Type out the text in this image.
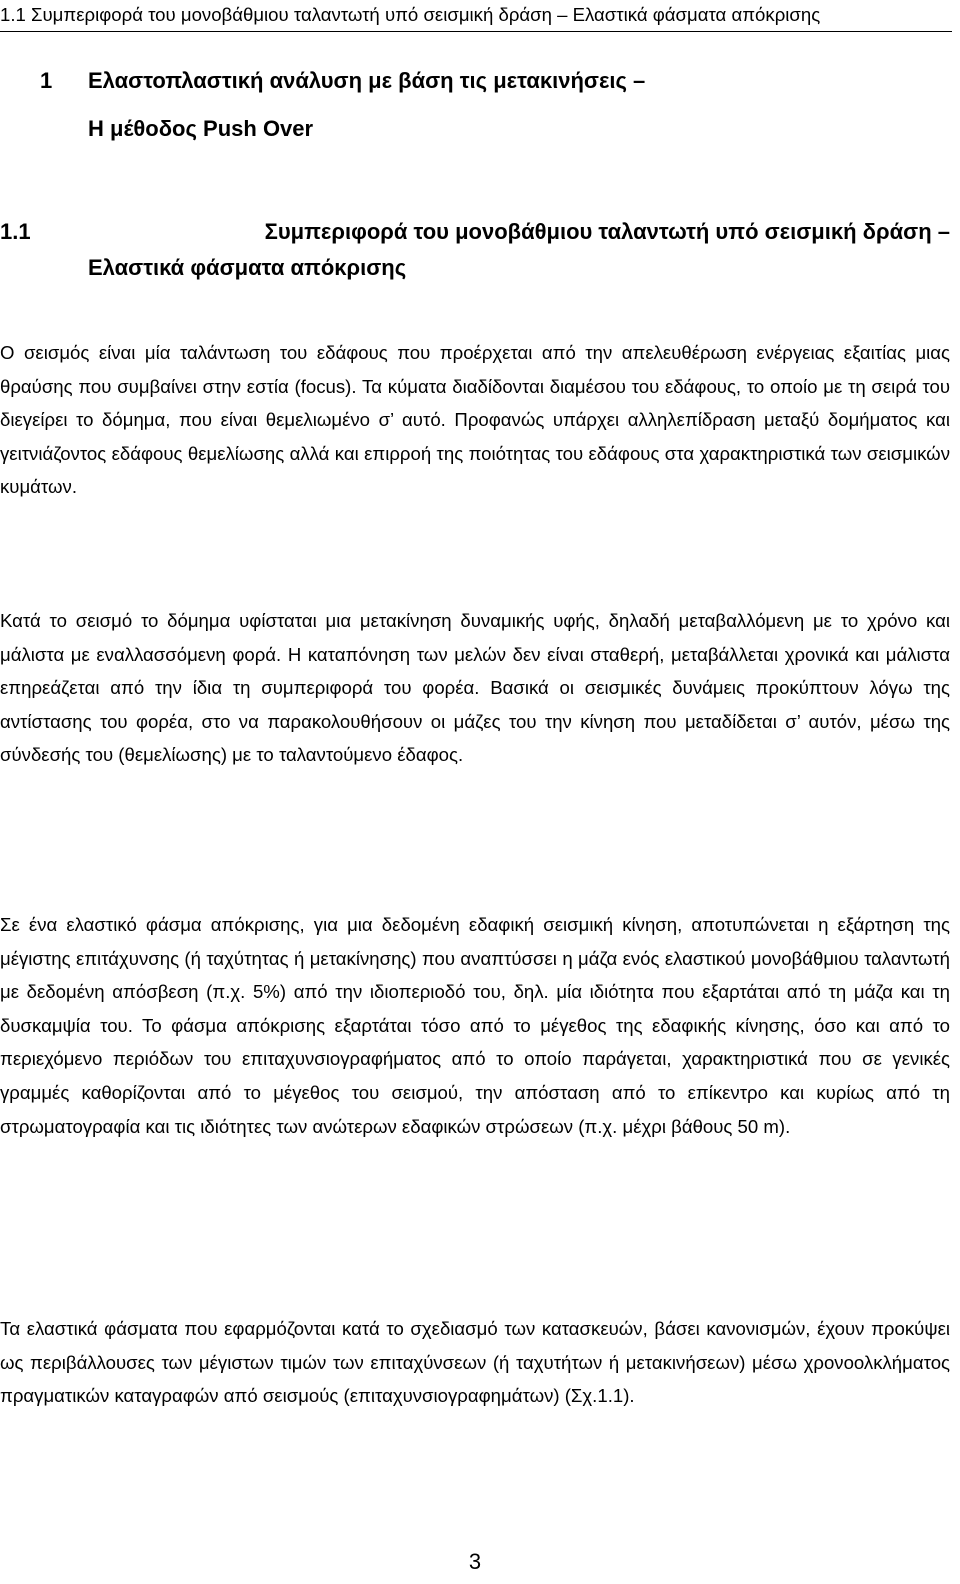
1.1 Συμπεριφορά του μονοβάθμιου ταλαντωτή υπό σεισμική δράση – Ελαστικά φάσματα απόκρισης
1 Ελαστοπλαστική ανάλυση με βάση τις μετακινήσεις –
Η μέθοδος Push Over
1.1	Συμπεριφορά του μονοβάθμιου ταλαντωτή υπό σεισμική δράση –
Ελαστικά φάσματα απόκρισης
Ο σεισμός είναι μία ταλάντωση του εδάφους που προέρχεται από την απελευθέρωση ενέργειας εξαιτίας μιας θραύσης που συμβαίνει στην εστία (focus). Τα κύματα διαδίδονται διαμέσου του εδάφους, το οποίο με τη σειρά του διεγείρει το δόμημα, που είναι θεμελιωμένο σ’ αυτό. Προφανώς υπάρχει αλληλεπίδραση μεταξύ δομήματος και γειτνιάζοντος εδάφους θεμελίωσης αλλά και επιρροή της ποιότητας του εδάφους στα χαρακτηριστικά των σεισμικών κυμάτων.
Κατά το σεισμό το δόμημα υφίσταται μια μετακίνηση δυναμικής υφής, δηλαδή μεταβαλλόμενη με το χρόνο και μάλιστα με εναλλασσόμενη φορά. Η καταπόνηση των μελών δεν είναι σταθερή, μεταβάλλεται χρονικά και μάλιστα επηρεάζεται από την ίδια τη συμπεριφορά του φορέα. Βασικά οι σεισμικές δυνάμεις προκύπτουν λόγω της αντίστασης του φορέα, στο να παρακολουθήσουν οι μάζες του την κίνηση που μεταδίδεται σ’ αυτόν, μέσω της σύνδεσής του (θεμελίωσης) με το ταλαντούμενο έδαφος.
Σε ένα ελαστικό φάσμα απόκρισης, για μια δεδομένη εδαφική σεισμική κίνηση, αποτυπώνεται η εξάρτηση της μέγιστης επιτάχυνσης (ή ταχύτητας ή μετακίνησης) που αναπτύσσει η μάζα ενός ελαστικού μονοβάθμιου ταλαντωτή με δεδομένη απόσβεση (π.χ. 5%) από την ιδιοπεριοδό του, δηλ. μία ιδιότητα που εξαρτάται από τη μάζα και τη δυσκαμψία του. Το φάσμα απόκρισης εξαρτάται τόσο από το μέγεθος της εδαφικής κίνησης, όσο και από το περιεχόμενο περιόδων του επιταχυνσιογραφήματος από το οποίο παράγεται, χαρακτηριστικά που σε γενικές γραμμές καθορίζονται από το μέγεθος του σεισμού, την απόσταση από το επίκεντρο και κυρίως από τη στρωματογραφία και τις ιδιότητες των ανώτερων εδαφικών στρώσεων (π.χ. μέχρι βάθους 50 m).
Τα ελαστικά φάσματα που εφαρμόζονται κατά το σχεδιασμό των κατασκευών, βάσει κανονισμών, έχουν προκύψει ως περιβάλλουσες των μέγιστων τιμών των επιταχύνσεων (ή ταχυτήτων ή μετακινήσεων) μέσω χρονοολκλήματος πραγματικών καταγραφών από σεισμούς (επιταχυνσιογραφημάτων) (Σχ.1.1).
3
